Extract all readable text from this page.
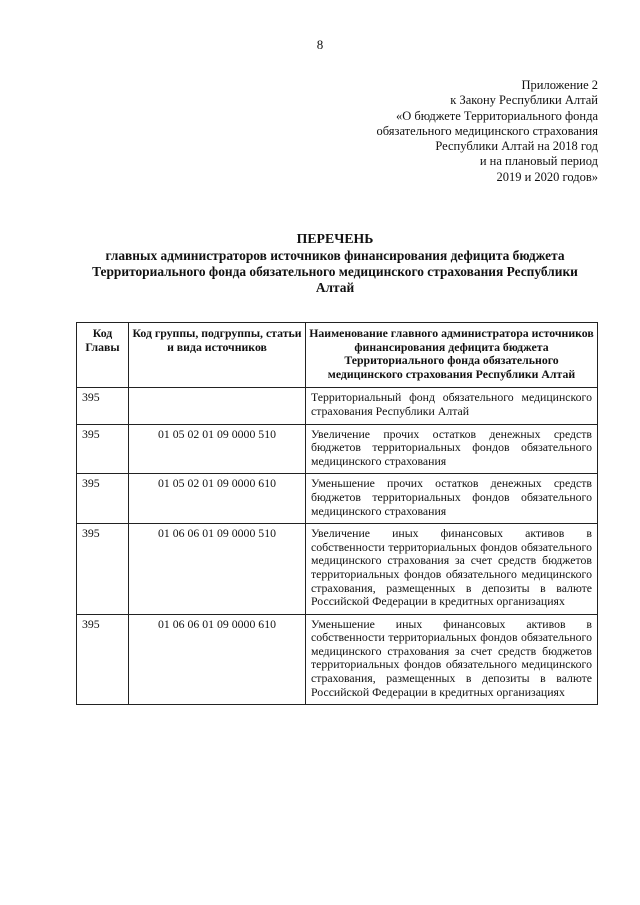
8
Приложение 2
к Закону Республики Алтай
«О бюджете Территориального фонда
обязательного медицинского страхования
Республики Алтай на 2018 год
и на плановый период
2019 и 2020 годов»
ПЕРЕЧЕНЬ
главных администраторов источников финансирования дефицита бюджета Территориального фонда обязательного медицинского страхования Республики Алтай
Код Главы	Код группы, подгруппы, статьи и вида источников	Наименование главного администратора источников финансирования дефицита бюджета Территориального фонда обязательного медицинского страхования Республики Алтай
395		Территориальный фонд обязательного медицинского страхования Республики Алтай
395	01 05 02 01 09 0000 510	Увеличение прочих остатков денежных средств бюджетов территориальных фондов обязательного медицинского страхования
395	01 05 02 01 09 0000 610	Уменьшение прочих остатков денежных средств бюджетов территориальных фондов обязательного медицинского страхования
395	01 06 06 01 09 0000 510	Увеличение иных финансовых активов в собственности территориальных фондов обязательного медицинского страхования за счет средств бюджетов территориальных фондов обязательного медицинского страхования, размещенных в депозиты в валюте Российской Федерации в кредитных организациях
395	01 06 06 01 09 0000 610	Уменьшение иных финансовых активов в собственности территориальных фондов обязательного медицинского страхования за счет средств бюджетов территориальных фондов обязательного медицинского страхования, размещенных в депозиты в валюте Российской Федерации в кредитных организациях
